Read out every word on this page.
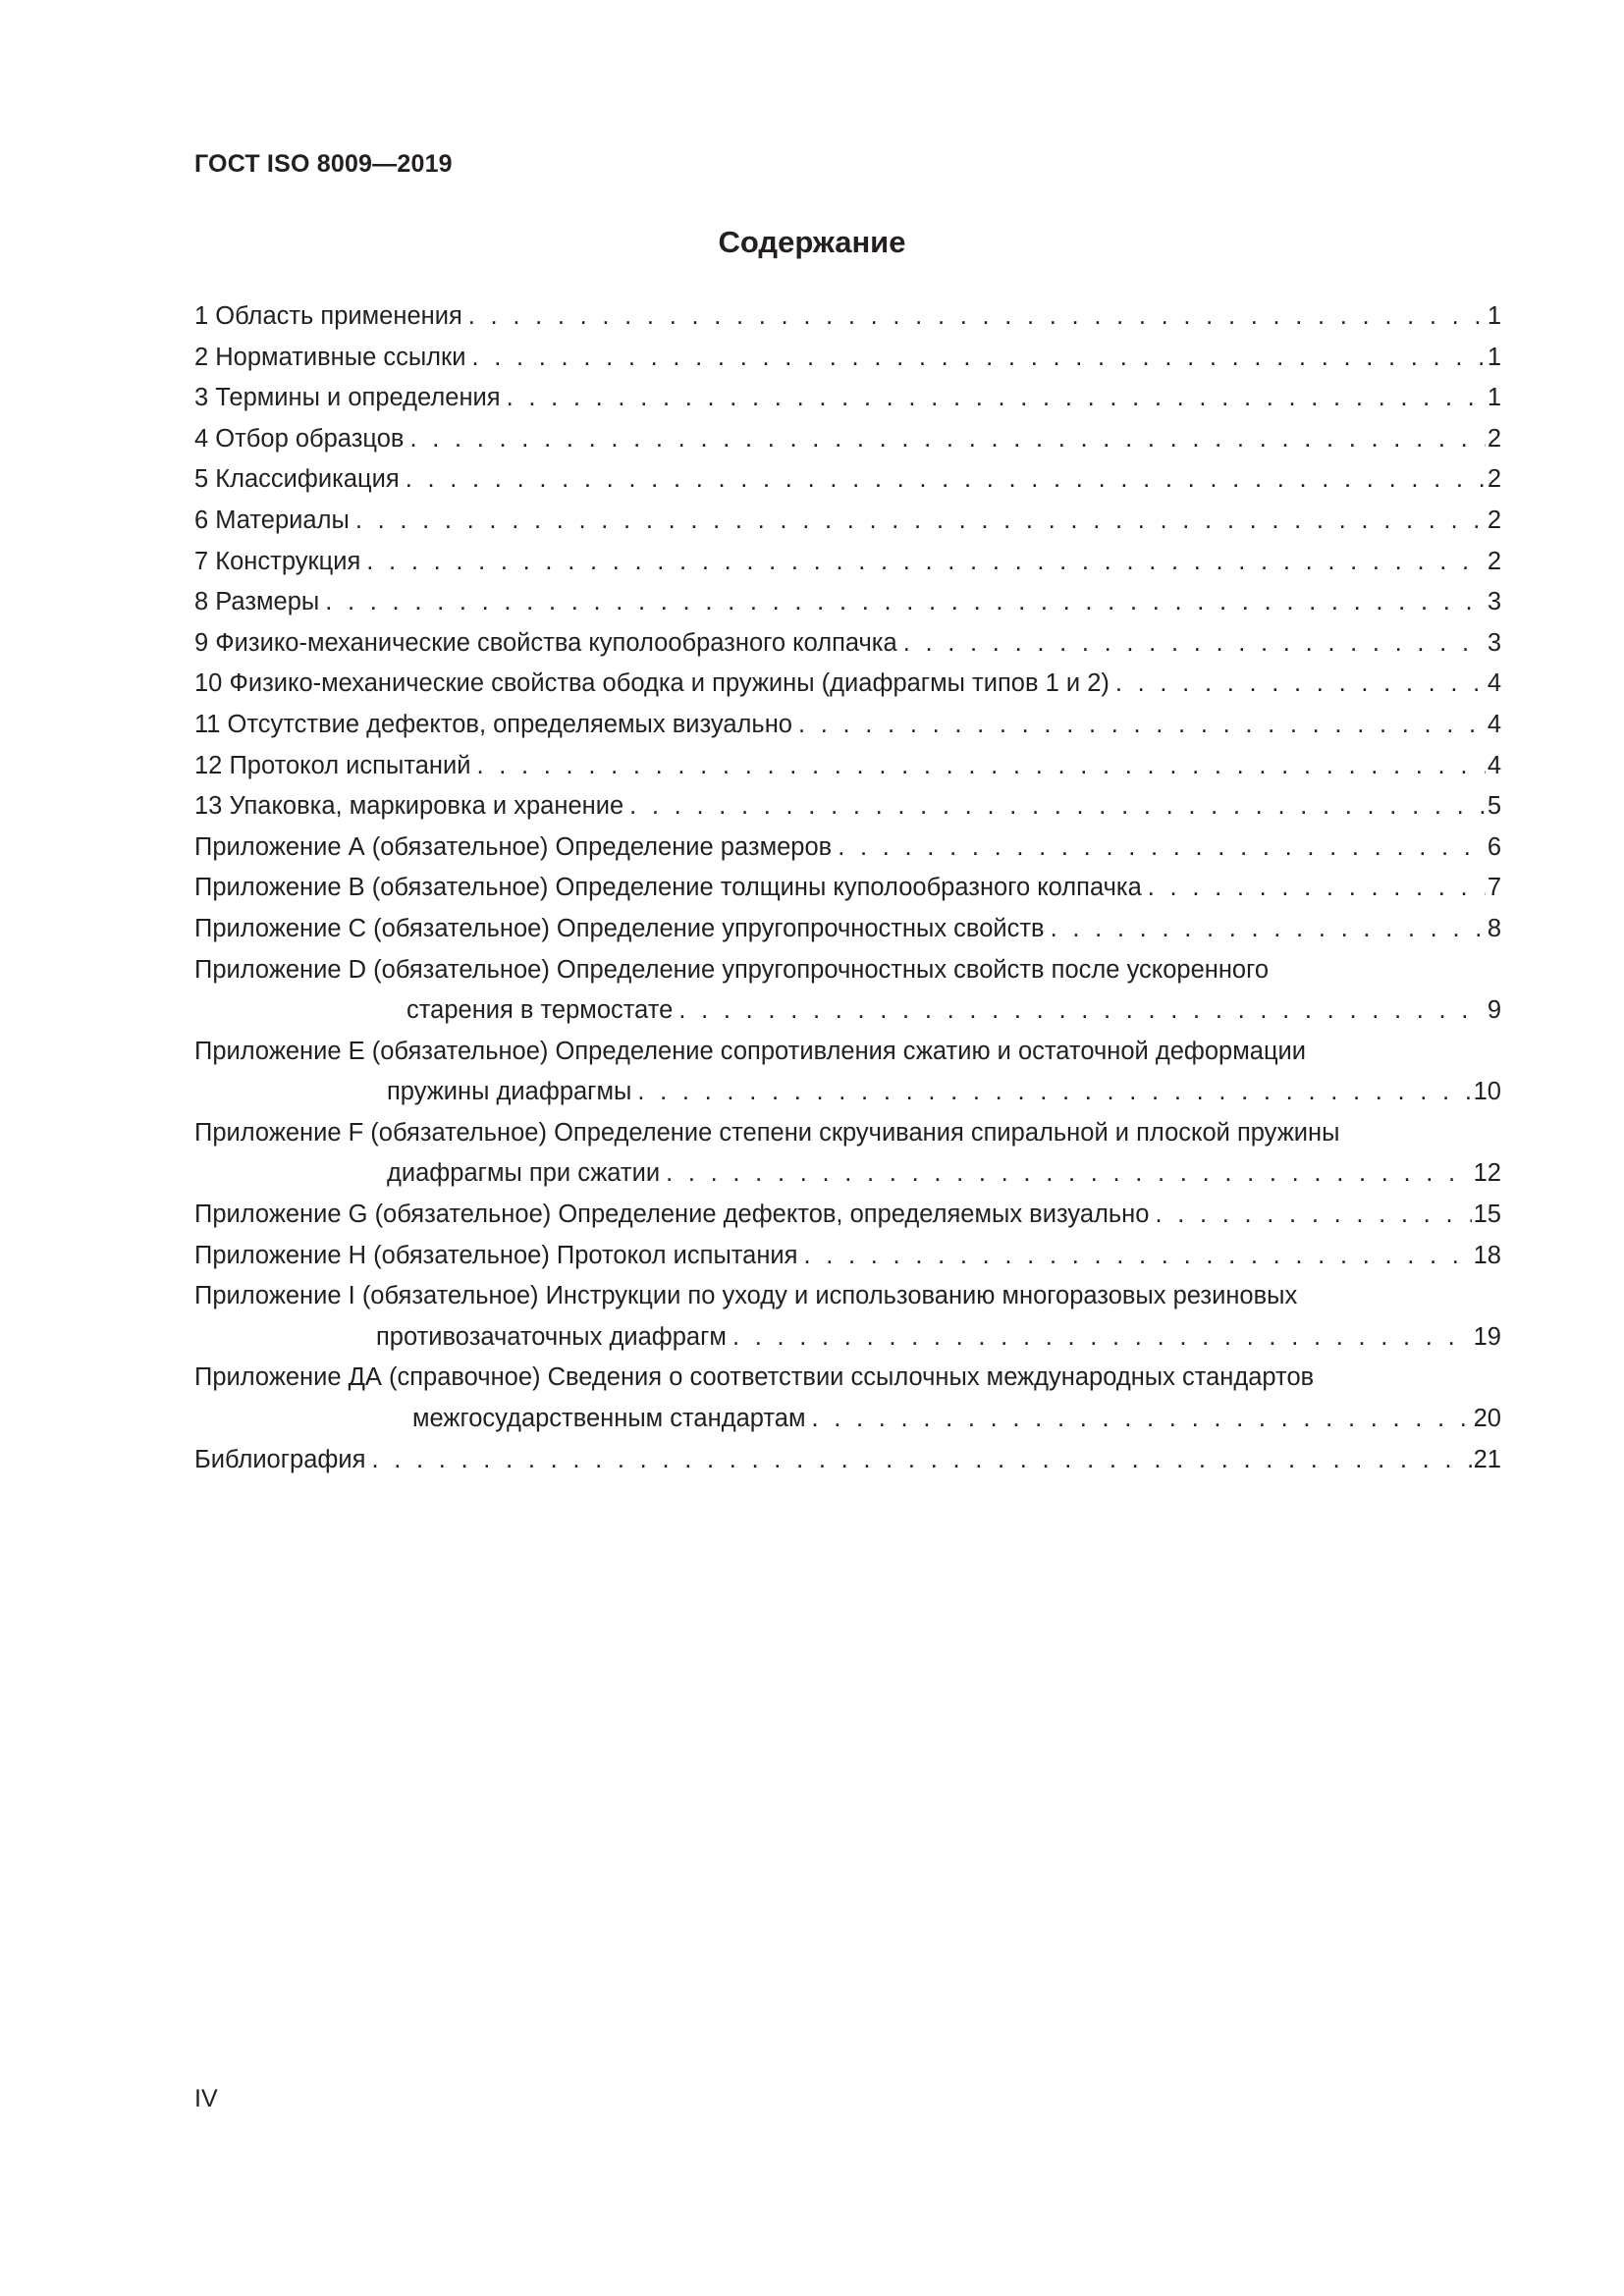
ГОСТ ISO 8009—2019
Содержание
1 Область применения . . .	1
2 Нормативные ссылки . . .	1
3 Термины и определения . . .	1
4 Отбор образцов . . .	2
5 Классификация . . .	2
6 Материалы . . .	2
7 Конструкция . . .	2
8 Размеры . . .	3
9 Физико-механические свойства куполообразного колпачка . . .	3
10 Физико-механические свойства ободка и пружины (диафрагмы типов 1 и 2) . . .	4
11 Отсутствие дефектов, определяемых визуально . . .	4
12 Протокол испытаний . . .	4
13 Упаковка, маркировка и хранение . . .	5
Приложение А (обязательное) Определение размеров . . .	6
Приложение В (обязательное) Определение толщины куполообразного колпачка . . .	7
Приложение С (обязательное) Определение упругопрочностных свойств . . .	8
Приложение D (обязательное) Определение упругопрочностных свойств после ускоренного
старения в термостате . . .	9
Приложение Е (обязательное) Определение сопротивления сжатию и остаточной деформации
пружины диафрагмы . . .	10
Приложение F (обязательное) Определение степени скручивания спиральной и плоской пружины
диафрагмы при сжатии . . .	12
Приложение G (обязательное) Определение дефектов, определяемых визуально . . .	15
Приложение H (обязательное) Протокол испытания . . .	18
Приложение I (обязательное) Инструкции по уходу и использованию многоразовых резиновых
противозачаточных диафрагм . . .	19
Приложение ДА (справочное) Сведения о соответствии ссылочных международных стандартов
межгосударственным стандартам . . .	20
Библиография . . .	21
IV
